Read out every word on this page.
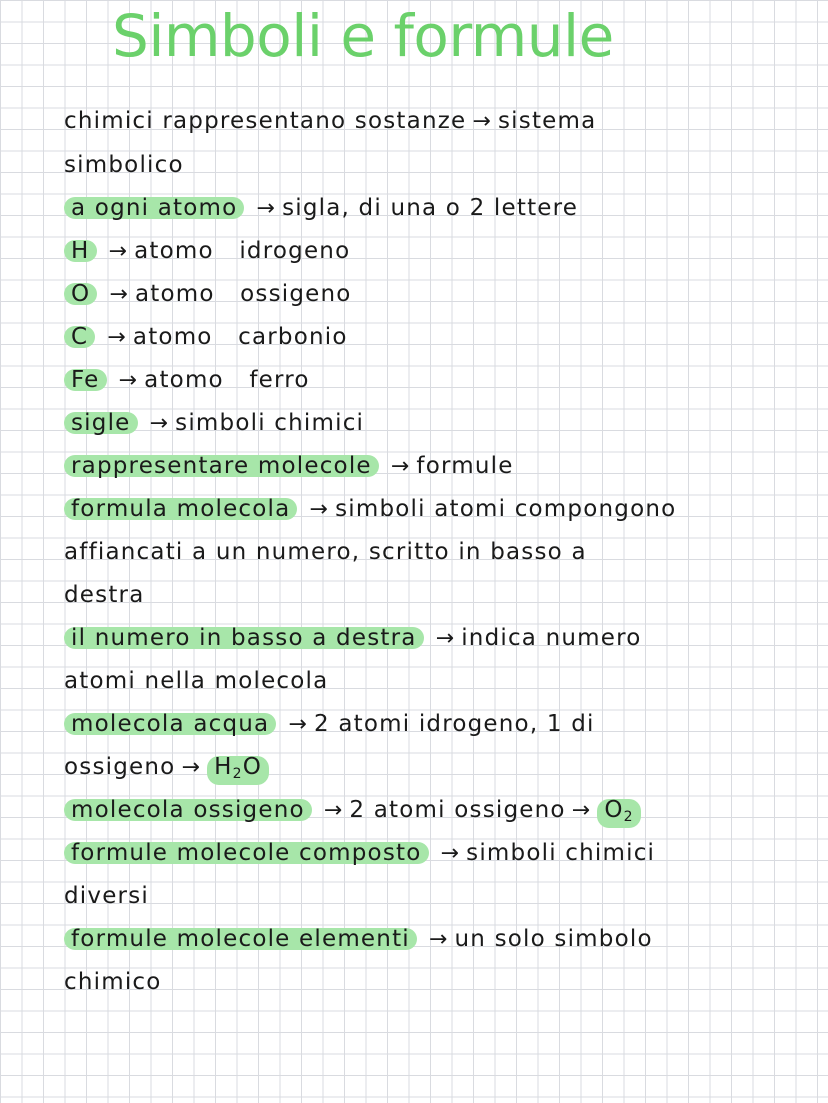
Simboli e formule
chimici rappresentano sostanze → sistema
simbolico
a ogni atomo → sigla, di una o 2 lettere
H → atomo   idrogeno
O → atomo   ossigeno
C → atomo   carbonio
Fe → atomo   ferro
sigle → simboli chimici
rappresentare molecole → formule
formula molecola → simboli atomi compongono
affiancati a un numero, scritto in basso a
destra
il numero in basso a destra → indica numero
atomi nella molecola
molecola acqua → 2 atomi idrogeno, 1 di
ossigeno → $H_2O$
molecola ossigeno → 2 atomi ossigeno → $O_2$
formule molecole composto → simboli chimici
diversi
formule molecole elementi → un solo simbolo
chimico
